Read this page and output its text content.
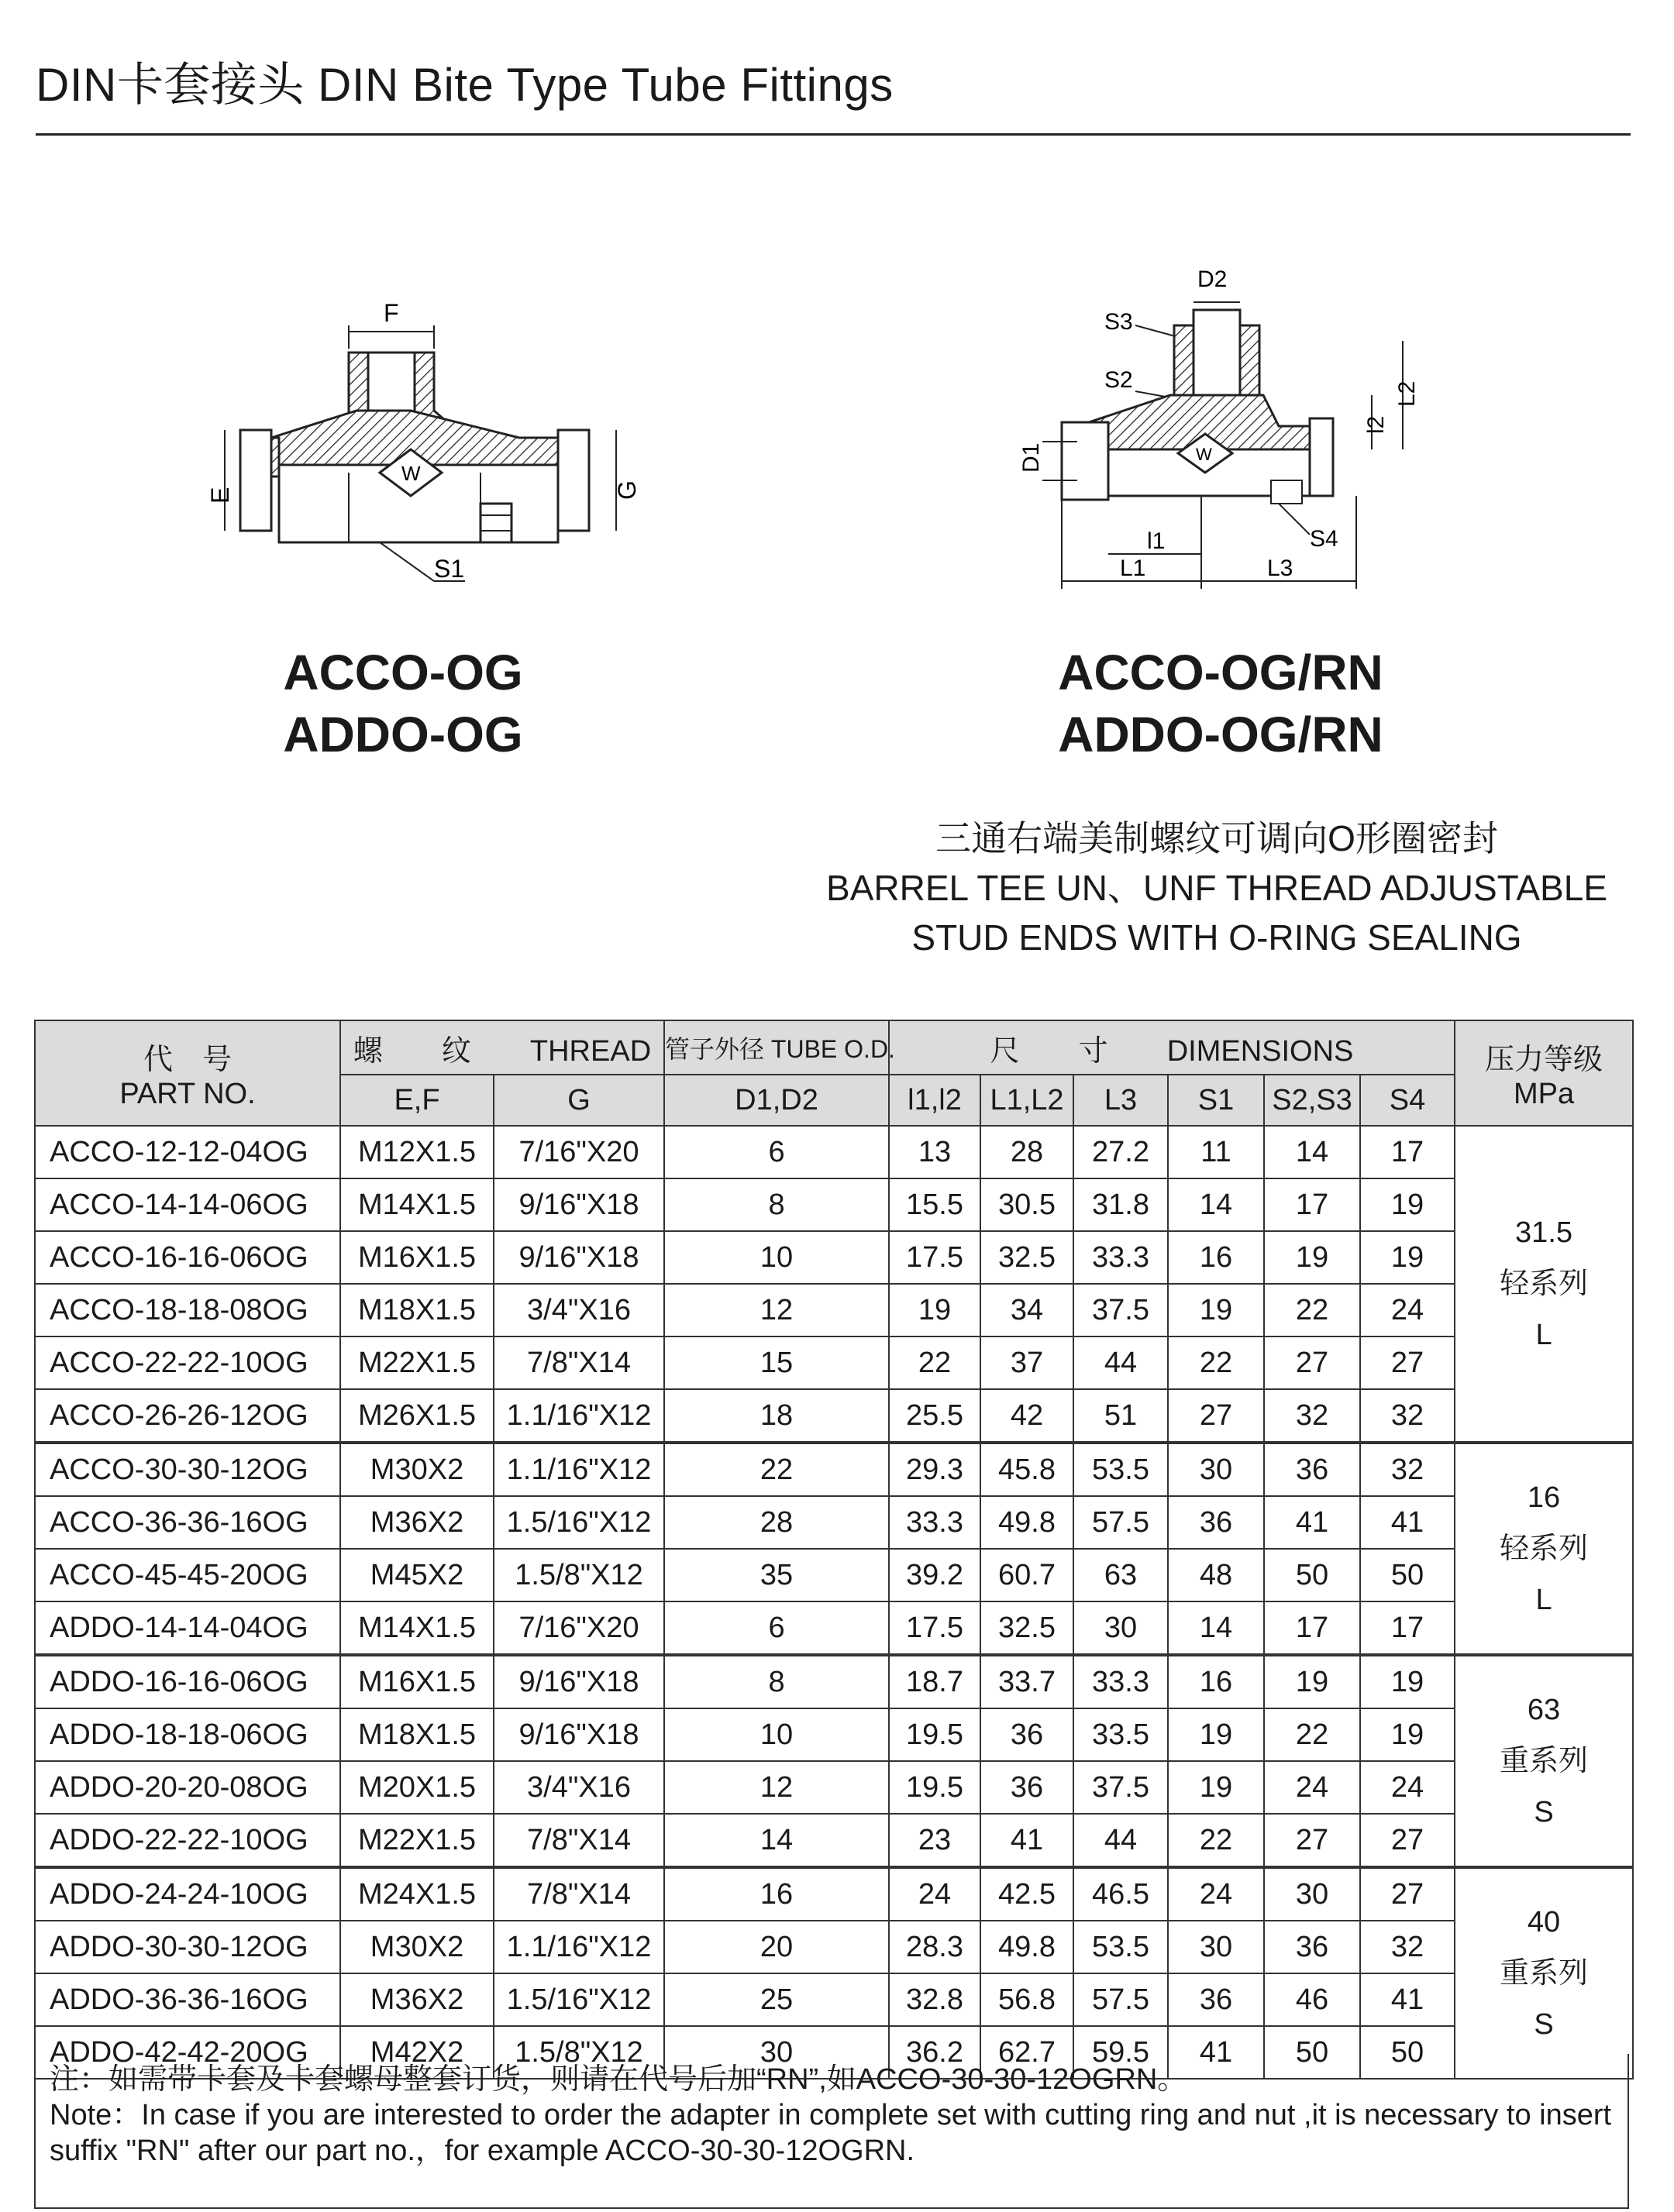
DIN卡套接头 DIN Bite Type Tube Fittings
F
W
E	G
S1
D2
S3
S2
W
D1
l2
L2
S4
l1
L1	L3
ACCO-OG
ADDO-OG
ACCO-OG/RN
ADDO-OG/RN
三通右端美制螺纹可调向O形圈密封
BARREL TEE UN、UNF THREAD ADJUSTABLE
STUD ENDS WITH O-RING SEALING
代　号
PART NO.	螺　　纹　　 THREAD		管子外径 TUBE O.D.	尺　　寸　　 DIMENSIONS						压力等级
MPa

	E,F	G	D1,D2	l1,l2	L1,L2	L3	S1	S2,S3	S4	
ACCO-12-12-04OG	M12X1.5	7/16"X20	6	13	28	27.2	11	14	17	31.5
轻系列
L

ACCO-14-14-06OG	M14X1.5	9/16"X18	8	15.5	30.5	31.8	14	17	19	
ACCO-16-16-06OG	M16X1.5	9/16"X18	10	17.5	32.5	33.3	16	19	19	
ACCO-18-18-08OG	M18X1.5	3/4"X16	12	19	34	37.5	19	22	24	
ACCO-22-22-10OG	M22X1.5	7/8"X14	15	22	37	44	22	27	27	
ACCO-26-26-12OG	M26X1.5	1.1/16"X12	18	25.5	42	51	27	32	32	
ACCO-30-30-12OG	M30X2	1.1/16"X12	22	29.3	45.8	53.5	30	36	32	16
轻系列
L

ACCO-36-36-16OG	M36X2	1.5/16"X12	28	33.3	49.8	57.5	36	41	41	
ACCO-45-45-20OG	M45X2	1.5/8"X12	35	39.2	60.7	63	48	50	50	
ADDO-14-14-04OG	M14X1.5	7/16"X20	6	17.5	32.5	30	14	17	17	
ADDO-16-16-06OG	M16X1.5	9/16"X18	8	18.7	33.7	33.3	16	19	19	63
重系列
S

ADDO-18-18-06OG	M18X1.5	9/16"X18	10	19.5	36	33.5	19	22	19	
ADDO-20-20-08OG	M20X1.5	3/4"X16	12	19.5	36	37.5	19	24	24	
ADDO-22-22-10OG	M22X1.5	7/8"X14	14	23	41	44	22	27	27	
ADDO-24-24-10OG	M24X1.5	7/8"X14	16	24	42.5	46.5	24	30	27	40
重系列
S

ADDO-30-30-12OG	M30X2	1.1/16"X12	20	28.3	49.8	53.5	30	36	32	
ADDO-36-36-16OG	M36X2	1.5/16"X12	25	32.8	56.8	57.5	36	46	41	
ADDO-42-42-20OG	M42X2	1.5/8"X12	30	36.2	62.7	59.5	41	50	50	
注：如需带卡套及卡套螺母整套订货，则请在代号后加“RN”,如ACCO-30-30-12OGRN。
Note：In case if you are interested to order the adapter in complete set with cutting ring and nut ,it is necessary to insert suffix "RN" after our part no.，for example ACCO-30-30-12OGRN.
